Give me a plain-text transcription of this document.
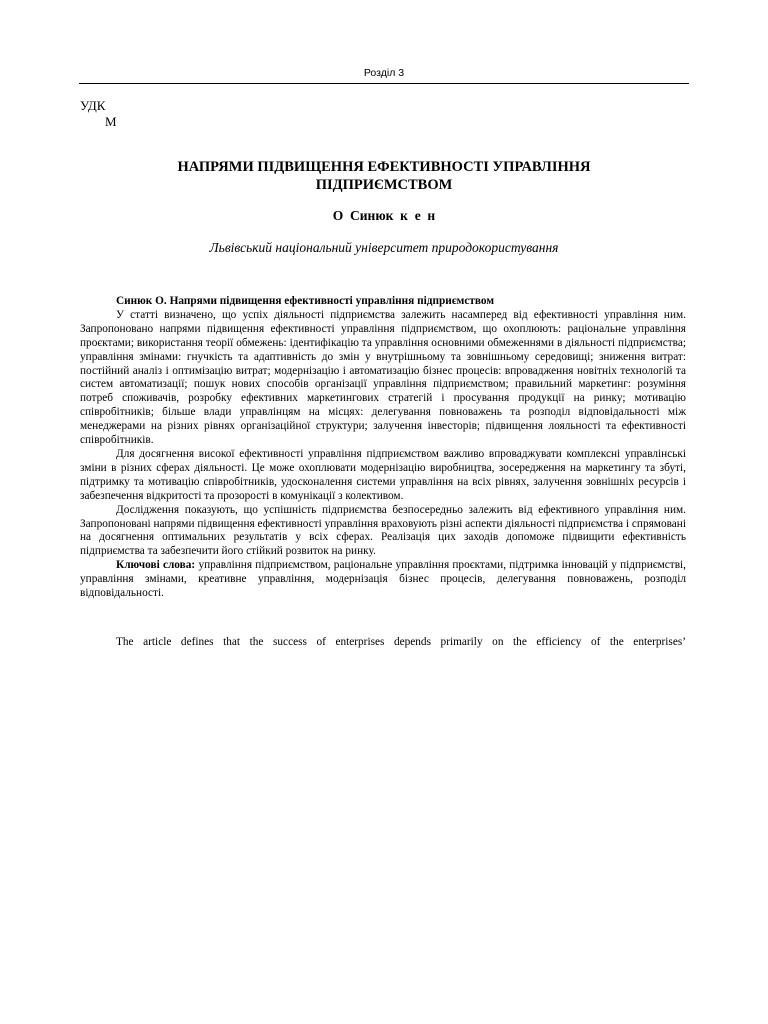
Розділ 3
УДК
М
НАПРЯМИ ПІДВИЩЕННЯ ЕФЕКТИВНОСТІ УПРАВЛІННЯ
ПІДПРИЄМСТВОМ
О  Синюк  к  е  н
Львівський національний університет природокористування

Синюк О. Напрями підвищення ефективності управління підприємством

У статті визначено, що успіх діяльності підприємства залежить насамперед від ефективності управління ним. Запропоновано напрями підвищення ефективності управління підприємством, що охоплюють: раціональне управління проєктами; використання теорії обмежень: ідентифікацію та управління основними обмеженнями в діяльності підприємства; управління змінами: гнучкість та адаптивність до змін у внутрішньому та зовнішньому середовищі; зниження витрат: постійний аналіз і оптимізацію витрат; модернізацію і автоматизацію бізнес процесів: впровадження новітніх технологій та систем автоматизації; пошук нових способів організації управління підприємством; правильний маркетинг: розуміння потреб споживачів, розробку ефективних маркетингових стратегій і просування продукції на ринку; мотивацію співробітників; більше влади управлінцям на місцях: делегування повноважень та розподіл відповідальності між менеджерами на різних рівнях організаційної структури; залучення інвесторів; підвищення лояльності та ефективності співробітників.

Для досягнення високої ефективності управління підприємством важливо впроваджувати комплексні управлінські зміни в різних сферах діяльності. Це може охоплювати модернізацію виробництва, зосередження на маркетингу та збуті, підтримку та мотивацію співробітників, удосконалення системи управління на всіх рівнях, залучення зовнішніх ресурсів і забезпечення відкритості та прозорості в комунікації з колективом.

Дослідження показують, що успішність підприємства безпосередньо залежить від ефективного управління ним. Запропоновані напрями підвищення ефективності управління враховують різні аспекти діяльності підприємства і спрямовані на досягнення оптимальних результатів у всіх сферах. Реалізація цих заходів допоможе підвищити ефективність підприємства та забезпечити його стійкий розвиток на ринку.

Ключові слова: управління підприємством, раціональне управління проєктами, підтримка інновацій у підприємстві, управління змінами, креативне управління, модернізація бізнес процесів, делегування повноважень, розподіл відповідальності.

The article defines that the success of enterprises depends primarily on the efficiency of the enterprises’
